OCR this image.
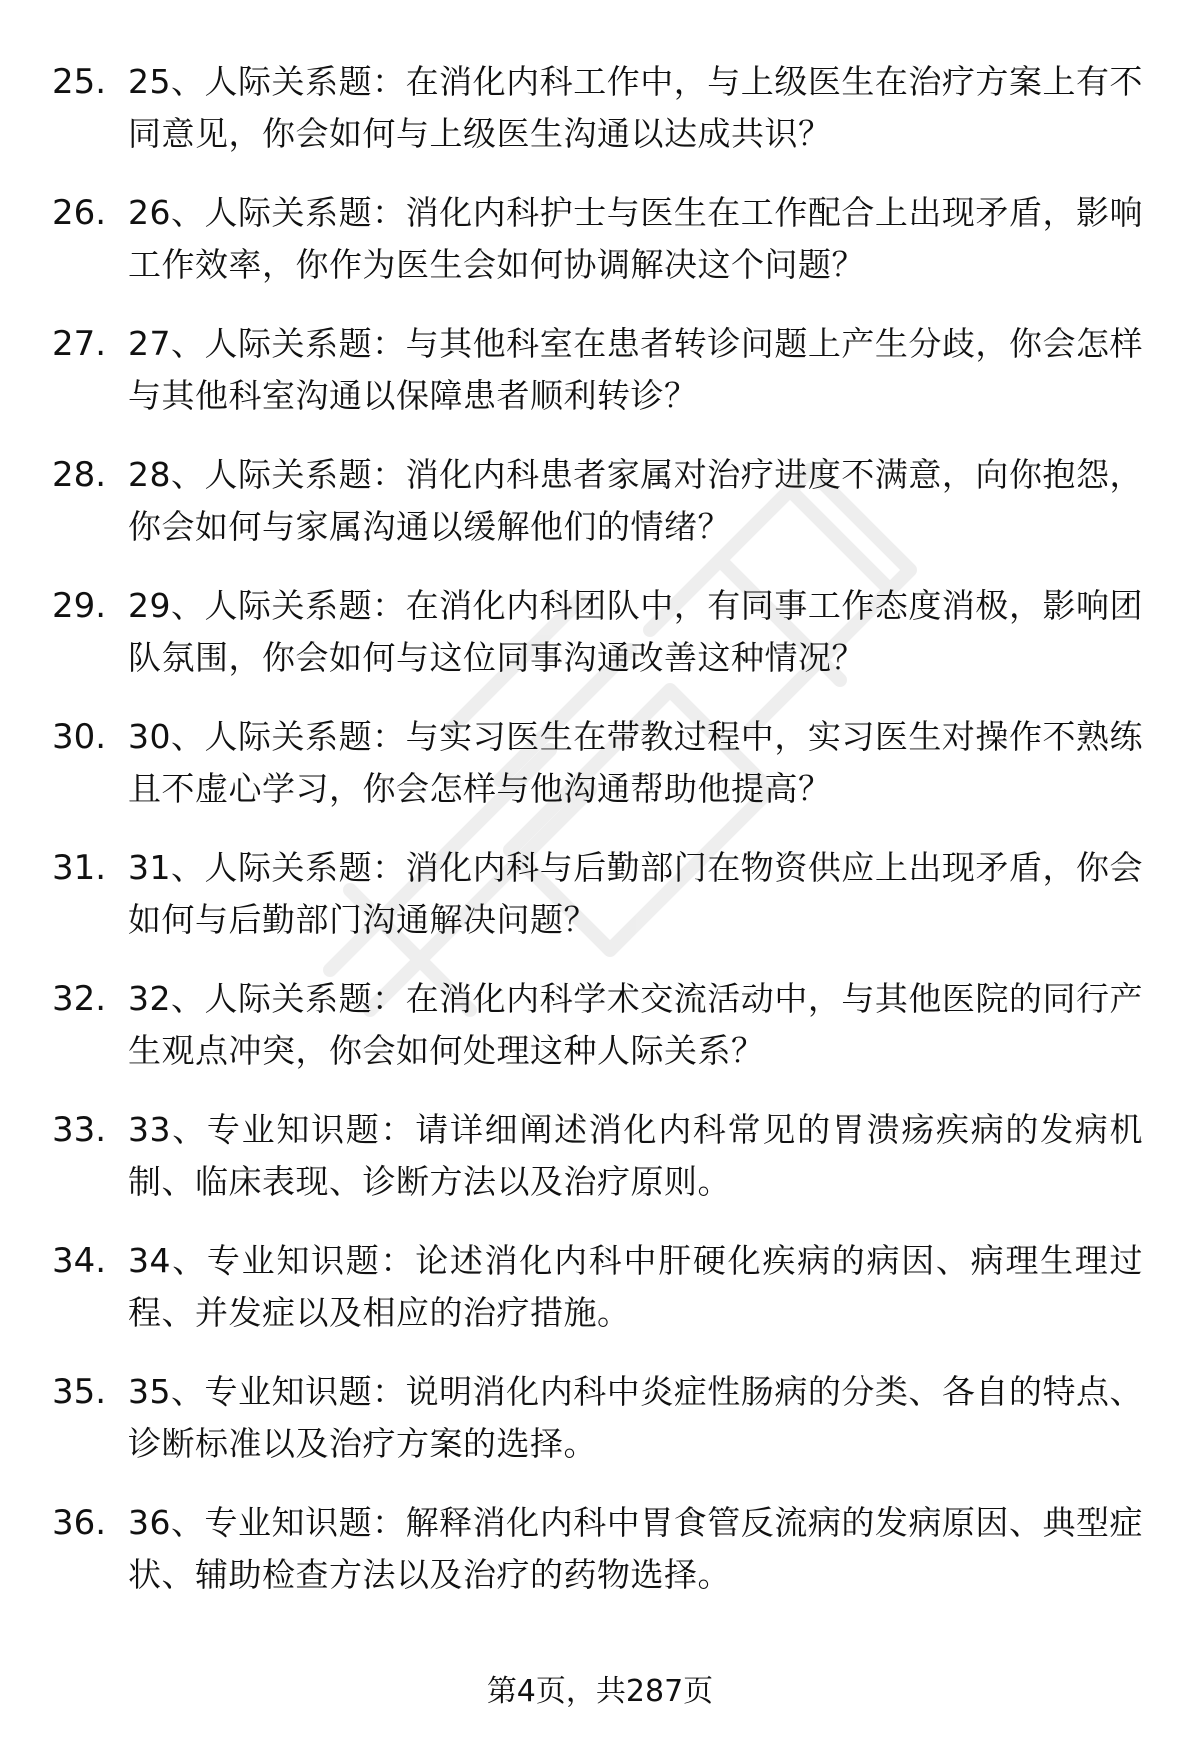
25. 25、人际关系题：在消化内科工作中，与上级医生在治疗方案上有不同意见，你会如何与上级医生沟通以达成共识？
26. 26、人际关系题：消化内科护士与医生在工作配合上出现矛盾，影响工作效率，你作为医生会如何协调解决这个问题？
27. 27、人际关系题：与其他科室在患者转诊问题上产生分歧，你会怎样与其他科室沟通以保障患者顺利转诊？
28. 28、人际关系题：消化内科患者家属对治疗进度不满意，向你抱怨，你会如何与家属沟通以缓解他们的情绪？
29. 29、人际关系题：在消化内科团队中，有同事工作态度消极，影响团队氛围，你会如何与这位同事沟通改善这种情况？
30. 30、人际关系题：与实习医生在带教过程中，实习医生对操作不熟练且不虚心学习，你会怎样与他沟通帮助他提高？
31. 31、人际关系题：消化内科与后勤部门在物资供应上出现矛盾，你会如何与后勤部门沟通解决问题？
32. 32、人际关系题：在消化内科学术交流活动中，与其他医院的同行产生观点冲突，你会如何处理这种人际关系？
33. 33、专业知识题：请详细阐述消化内科常见的胃溃疡疾病的发病机制、临床表现、诊断方法以及治疗原则。
34. 34、专业知识题：论述消化内科中肝硬化疾病的病因、病理生理过程、并发症以及相应的治疗措施。
35. 35、专业知识题：说明消化内科中炎症性肠病的分类、各自的特点、诊断标准以及治疗方案的选择。
36. 36、专业知识题：解释消化内科中胃食管反流病的发病原因、典型症状、辅助检查方法以及治疗的药物选择。
第4页，共287页
